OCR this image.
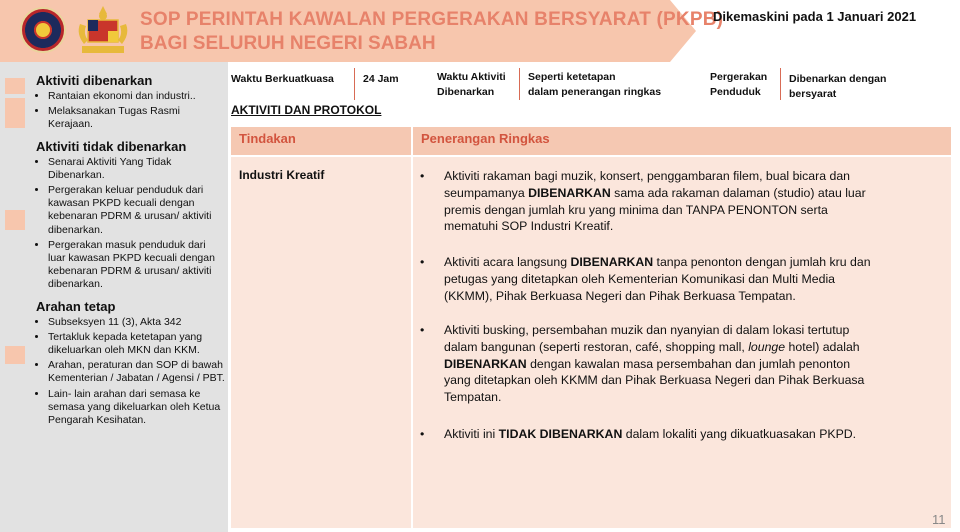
SOP PERINTAH KAWALAN PERGERAKAN BERSYARAT (PKPB)
BAGI SELURUH NEGERI SABAH
Dikemaskini pada 1 Januari 2021

Aktiviti dibenarkan

• Rantaian ekonomi dan industri..
• Melaksanakan Tugas Rasmi Kerajaan.

Aktiviti tidak dibenarkan

• Senarai Aktiviti Yang Tidak Dibenarkan.
• Pergerakan keluar penduduk dari kawasan PKPD kecuali dengan kebenaran PDRM & urusan/ aktiviti dibenarkan.
• Pergerakan masuk penduduk dari luar kawasan PKPD kecuali dengan kebenaran PDRM & urusan/ aktiviti dibenarkan.

Arahan tetap

• Subseksyen 11 (3), Akta 342
• Tertakluk kepada ketetapan yang dikeluarkan oleh MKN dan KKM.
• Arahan, peraturan dan SOP di bawah Kementerian / Jabatan / Agensi / PBT.
• Lain- lain arahan dari semasa ke semasa yang dikeluarkan oleh Ketua Pengarah Kesihatan.
Waktu Berkuatkuasa	24 Jam	Waktu Aktiviti
Dibenarkan
Seperti ketetapan
dalam penerangan ringkas
Pergerakan
Penduduk
Dibenarkan dengan
bersyarat
AKTIVITI DAN PROTOKOL
Tindakan	Penerangan Ringkas
Industri Kreatif	• Aktiviti rakaman bagi muzik, konsert, penggambaran filem, bual bicara dan
seumpamanya DIBENARKAN sama ada rakaman dalaman (studio) atau luar
premis dengan jumlah kru yang minima dan TANPA PENONTON serta
mematuhi SOP Industri Kreatif.
• Aktiviti acara langsung DIBENARKAN tanpa penonton dengan jumlah kru dan
petugas yang ditetapkan oleh Kementerian Komunikasi dan Multi Media
(KKMM), Pihak Berkuasa Negeri dan Pihak Berkuasa Tempatan.
• Aktiviti busking, persembahan muzik dan nyanyian di dalam lokasi tertutup
dalam bangunan (seperti restoran, café, shopping mall, lounge hotel) adalah
DIBENARKAN dengan kawalan masa persembahan dan jumlah penonton
yang ditetapkan oleh KKMM dan Pihak Berkuasa Negeri dan Pihak Berkuasa
Tempatan.
• Aktiviti ini TIDAK DIBENARKAN dalam lokaliti yang dikuatkuasakan PKPD.
11
